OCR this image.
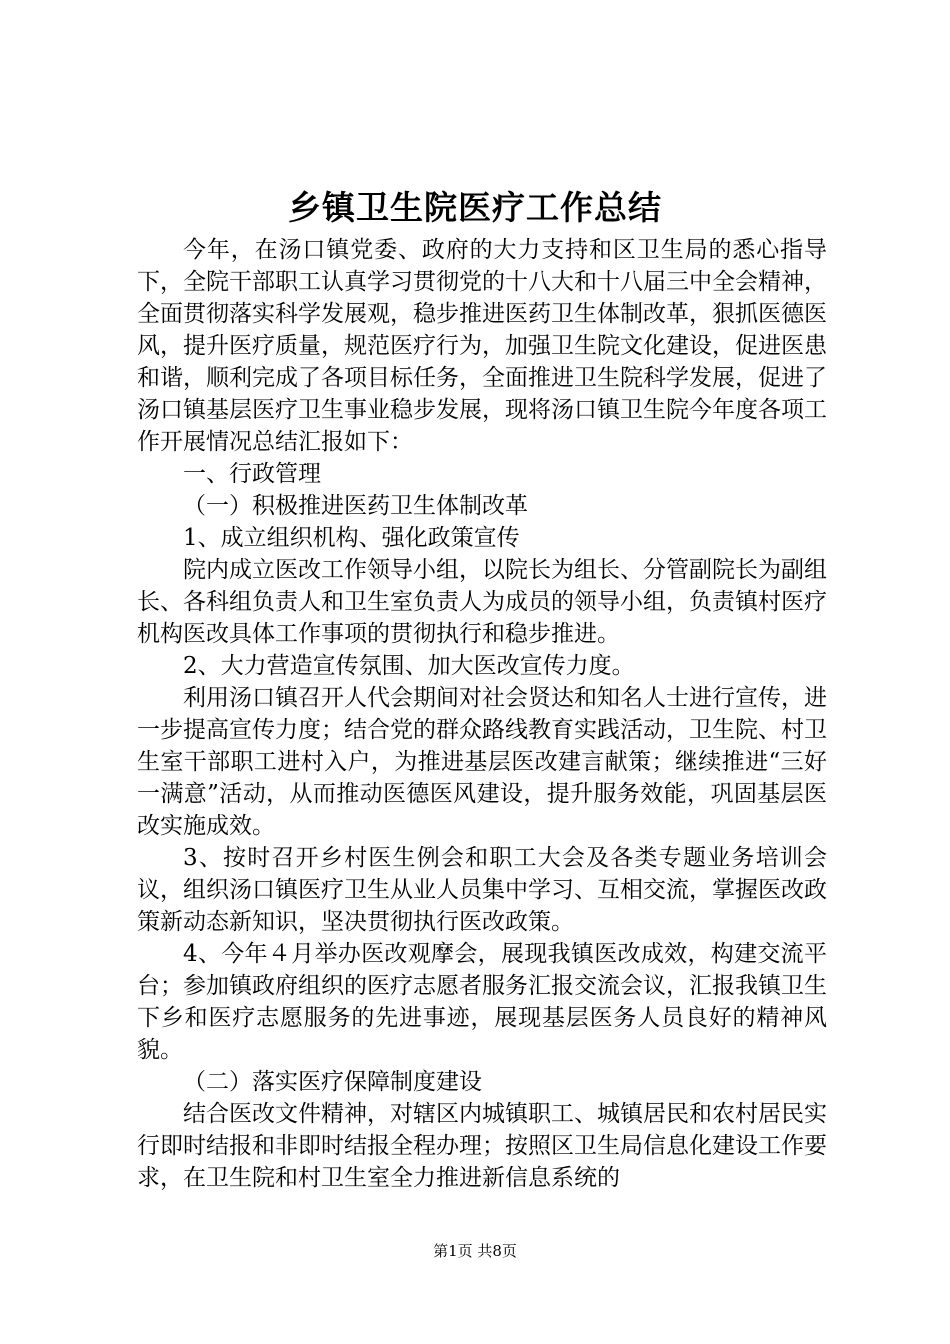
乡镇卫生院医疗工作总结

今年，在汤口镇党委、政府的大力支持和区卫生局的悉心指导下，全院干部职工认真学习贯彻党的十八大和十八届三中全会精神，全面贯彻落实科学发展观，稳步推进医药卫生体制改革，狠抓医德医风，提升医疗质量，规范医疗行为，加强卫生院文化建设，促进医患和谐，顺利完成了各项目标任务，全面推进卫生院科学发展，促进了汤口镇基层医疗卫生事业稳步发展，现将汤口镇卫生院今年度各项工作开展情况总结汇报如下：

一、行政管理

（一）积极推进医药卫生体制改革

1、成立组织机构、强化政策宣传

院内成立医改工作领导小组，以院长为组长、分管副院长为副组长、各科组负责人和卫生室负责人为成员的领导小组，负责镇村医疗机构医改具体工作事项的贯彻执行和稳步推进。

2、大力营造宣传氛围、加大医改宣传力度。

利用汤口镇召开人代会期间对社会贤达和知名人士进行宣传，进一步提高宣传力度；结合党的群众路线教育实践活动，卫生院、村卫生室干部职工进村入户，为推进基层医改建言献策；继续推进“三好一满意”活动，从而推动医德医风建设，提升服务效能，巩固基层医改实施成效。

3、按时召开乡村医生例会和职工大会及各类专题业务培训会议，组织汤口镇医疗卫生从业人员集中学习、互相交流，掌握医改政策新动态新知识，坚决贯彻执行医改政策。

4、今年４月举办医改观摩会，展现我镇医改成效，构建交流平台；参加镇政府组织的医疗志愿者服务汇报交流会议，汇报我镇卫生下乡和医疗志愿服务的先进事迹，展现基层医务人员良好的精神风貌。

（二）落实医疗保障制度建设

结合医改文件精神，对辖区内城镇职工、城镇居民和农村居民实行即时结报和非即时结报全程办理；按照区卫生局信息化建设工作要求，在卫生院和村卫生室全力推进新信息系统的

第1页 共8页
